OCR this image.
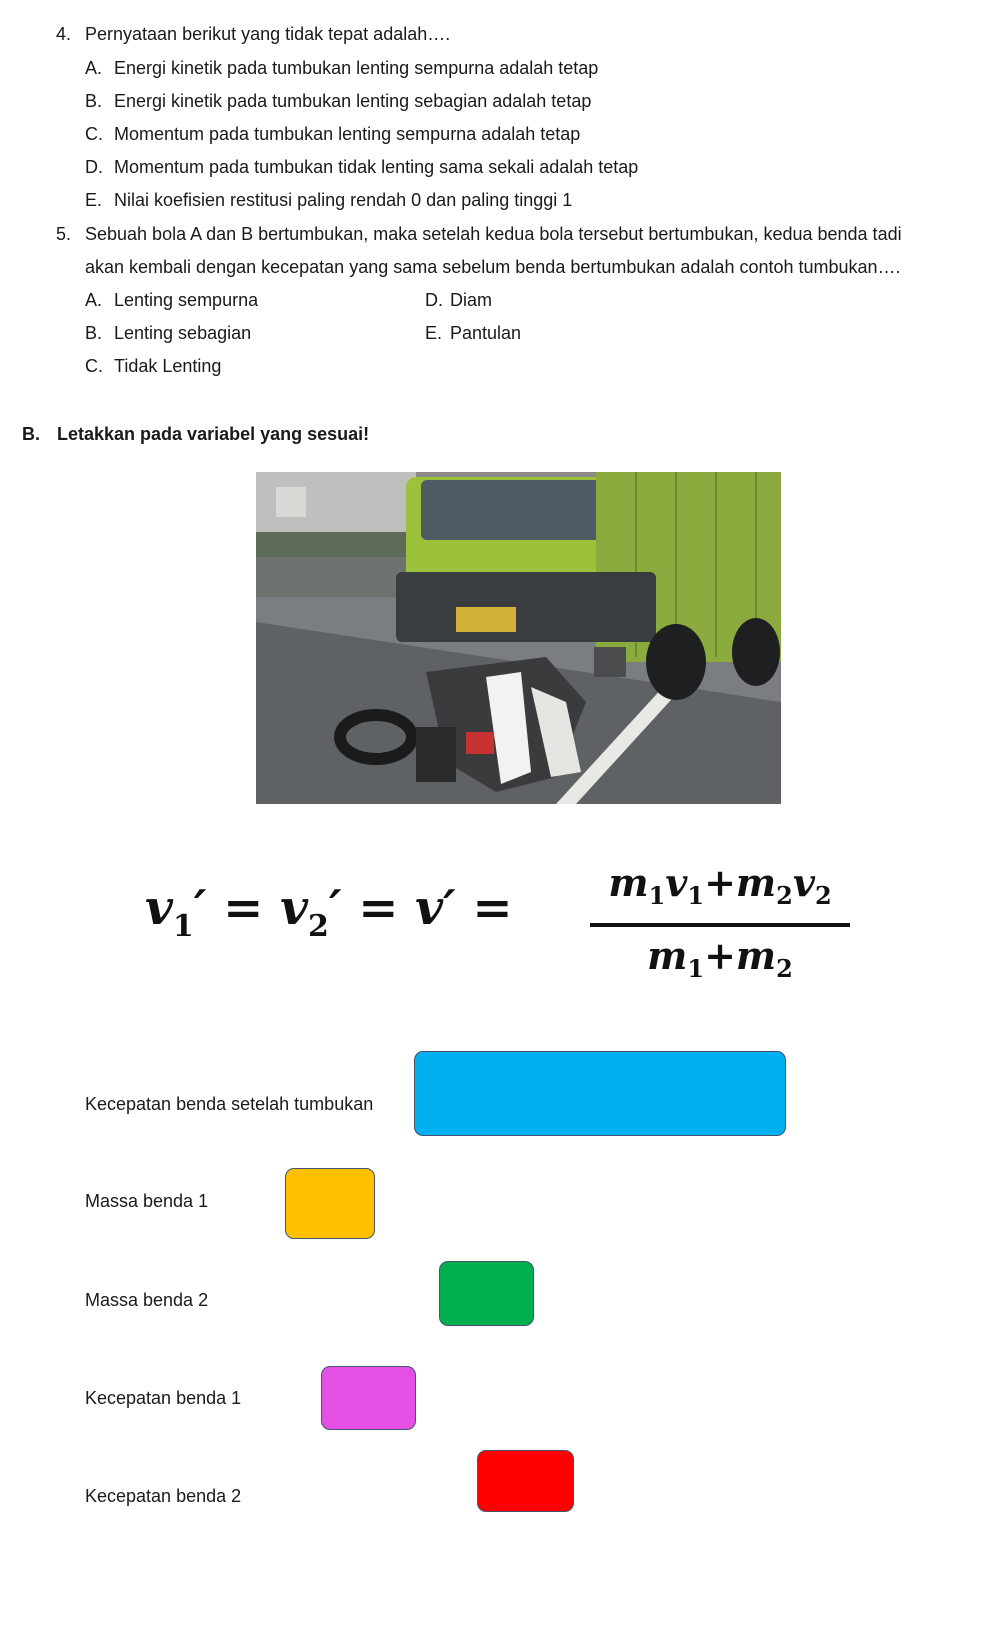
4. Pernyataan berikut yang tidak tepat adalah….

A. Energi kinetik pada tumbukan lenting sempurna adalah tetap

B. Energi kinetik pada tumbukan lenting sebagian adalah tetap

C. Momentum pada tumbukan lenting sempurna adalah tetap

D. Momentum pada tumbukan tidak lenting sama sekali adalah tetap

E. Nilai koefisien restitusi paling rendah 0 dan paling tinggi 1

5. Sebuah bola A dan B bertumbukan, maka setelah kedua bola tersebut bertumbukan, kedua benda tadi

akan kembali dengan kecepatan yang sama sebelum benda bertumbukan adalah contoh tumbukan….

A. Lenting sempurna	D. Diam

B. Lenting sebagian	E. Pantulan

C. Tidak Lenting

B. Letakkan pada variabel yang sesuai!

$v_1' = v_2' = v'$ =	$m_1v_1+m_2v_2$
$m_1+m_2$

Kecepatan benda setelah tumbukan

Massa benda 1

Massa benda 2

Kecepatan benda 1

Kecepatan benda 2
